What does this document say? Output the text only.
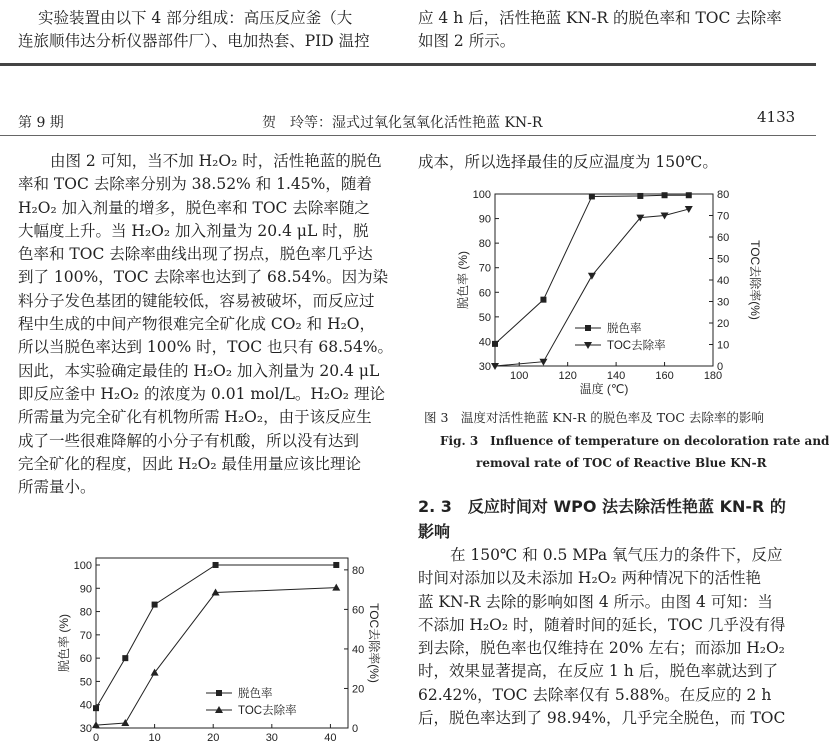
实验装置由以下 4 部分组成：高压反应釜（大
连旅顺伟达分析仪器部件厂）、电加热套、PID 温控
应 4 h 后，活性艳蓝 KN-R 的脱色率和 TOC 去除率
如图 2 所示。
第 9 期	贺　玲等：湿式过氧化氢氧化活性艳蓝 KN-R	4133
由图 2 可知，当不加 H₂O₂ 时，活性艳蓝的脱色
率和 TOC 去除率分别为 38.52% 和 1.45%，随着
H₂O₂ 加入剂量的增多，脱色率和 TOC 去除率随之
大幅度上升。当 H₂O₂ 加入剂量为 20.4 μL 时，脱
色率和 TOC 去除率曲线出现了拐点，脱色率几乎达
到了 100%，TOC 去除率也达到了 68.54%。因为染
料分子发色基团的键能较低，容易被破坏，而反应过
程中生成的中间产物很难完全矿化成 CO₂ 和 H₂O，
所以当脱色率达到 100% 时，TOC 也只有 68.54%。
因此，本实验确定最佳的 H₂O₂ 加入剂量为 20.4 μL
即反应釜中 H₂O₂ 的浓度为 0.01 mol/L。H₂O₂ 理论
所需量为完全矿化有机物所需 H₂O₂，由于该反应生
成了一些很难降解的小分子有机酸，所以没有达到
完全矿化的程度，因此 H₂O₂ 最佳用量应该比理论
所需量小。
成本，所以选择最佳的反应温度为 150℃。
100	120	140	160	180
30
40
50
60
70
80
90
100
0
10
20
30
40
50
60
70
80
脱色率 (%)	TOC去除率(%)
温度 (℃)
脱色率
TOC去除率
图 3　温度对活性艳蓝 KN-R 的脱色率及 TOC 去除率的影响
Fig. 3　Influence of temperature on decoloration rate and
removal rate of TOC of Reactive Blue KN-R
2. 3　反应时间对 WPO 法去除活性艳蓝 KN-R 的
影响
在 150℃ 和 0.5 MPa 氧气压力的条件下，反应
时间对添加以及未添加 H₂O₂ 两种情况下的活性艳
蓝 KN-R 去除的影响如图 4 所示。由图 4 可知：当
不添加 H₂O₂ 时，随着时间的延长，TOC 几乎没有得
到去除，脱色率也仅维持在 20% 左右；而添加 H₂O₂
时，效果显著提高，在反应 1 h 后，脱色率就达到了
62.42%，TOC 去除率仅有 5.88%。在反应的 2 h
后，脱色率达到了 98.94%，几乎完全脱色，而 TOC
0	10	20	30	40
30
40
50
60
70
80
90
100
0
20
40
60
80
脱色率 (%)	TOC去除率(%)
脱色率
TOC去除率
